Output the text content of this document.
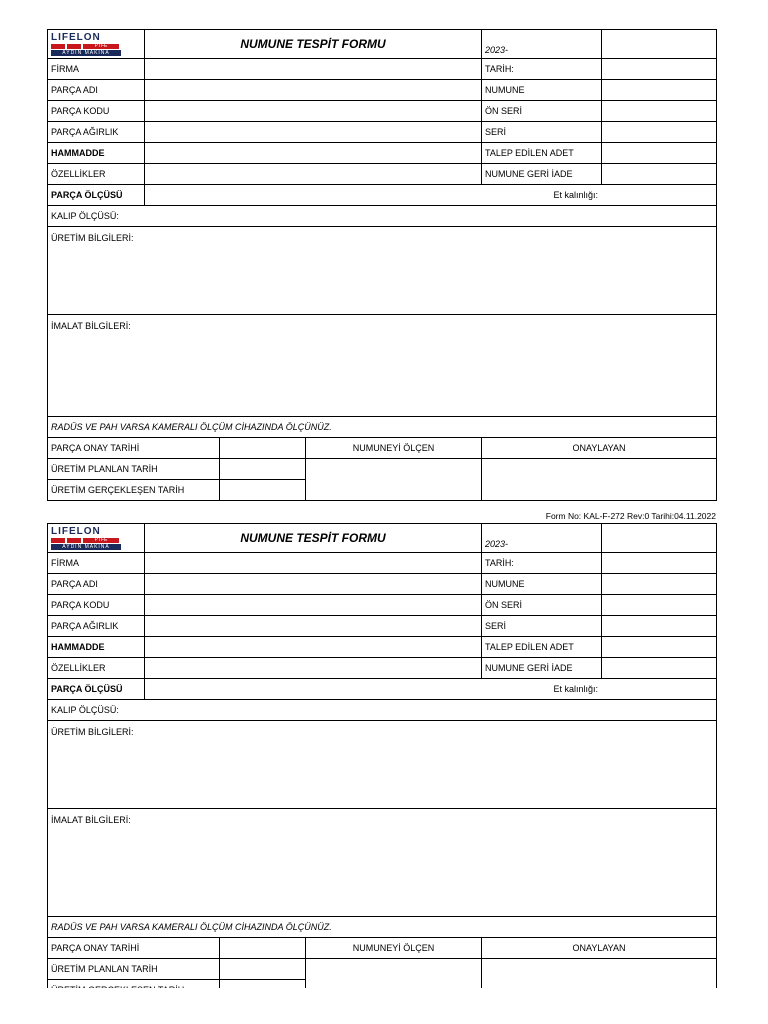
LIFELON
PTFE
AYDIN MAKİNA	NUMUNE TESPİT FORMU			2023-	
FİRMA				TARİH:	
PARÇA ADI				NUMUNE	
PARÇA KODU				ÖN SERİ	
PARÇA AĞIRLIK				SERİ	
HAMMADDE				TALEP EDİLEN ADET	
ÖZELLİKLER				NUMUNE GERİ İADE	
PARÇA ÖLÇÜSÜ	Et kalınlığı:				
KALIP ÖLÇÜSÜ:					
ÜRETİM BİLGİLERİ:					
İMALAT BİLGİLERİ:					
RADÜS VE PAH VARSA KAMERALI ÖLÇÜM CİHAZINDA ÖLÇÜNÜZ.					
PARÇA ONAY TARİHİ			NUMUNEYİ ÖLÇEN	ONAYLAYAN	
ÜRETİM PLANLAN TARİH					
ÜRETİM GERÇEKLEŞEN TARİH					
Form No: KAL-F-272 Rev:0 Tarihi:04.11.2022
LIFELON
PTFE
AYDIN MAKİNA	NUMUNE TESPİT FORMU			2023-	
FİRMA				TARİH:	
PARÇA ADI				NUMUNE	
PARÇA KODU				ÖN SERİ	
PARÇA AĞIRLIK				SERİ	
HAMMADDE				TALEP EDİLEN ADET	
ÖZELLİKLER				NUMUNE GERİ İADE	
PARÇA ÖLÇÜSÜ	Et kalınlığı:				
KALIP ÖLÇÜSÜ:					
ÜRETİM BİLGİLERİ:					
İMALAT BİLGİLERİ:					
RADÜS VE PAH VARSA KAMERALI ÖLÇÜM CİHAZINDA ÖLÇÜNÜZ.					
PARÇA ONAY TARİHİ			NUMUNEYİ ÖLÇEN	ONAYLAYAN	
ÜRETİM PLANLAN TARİH					
